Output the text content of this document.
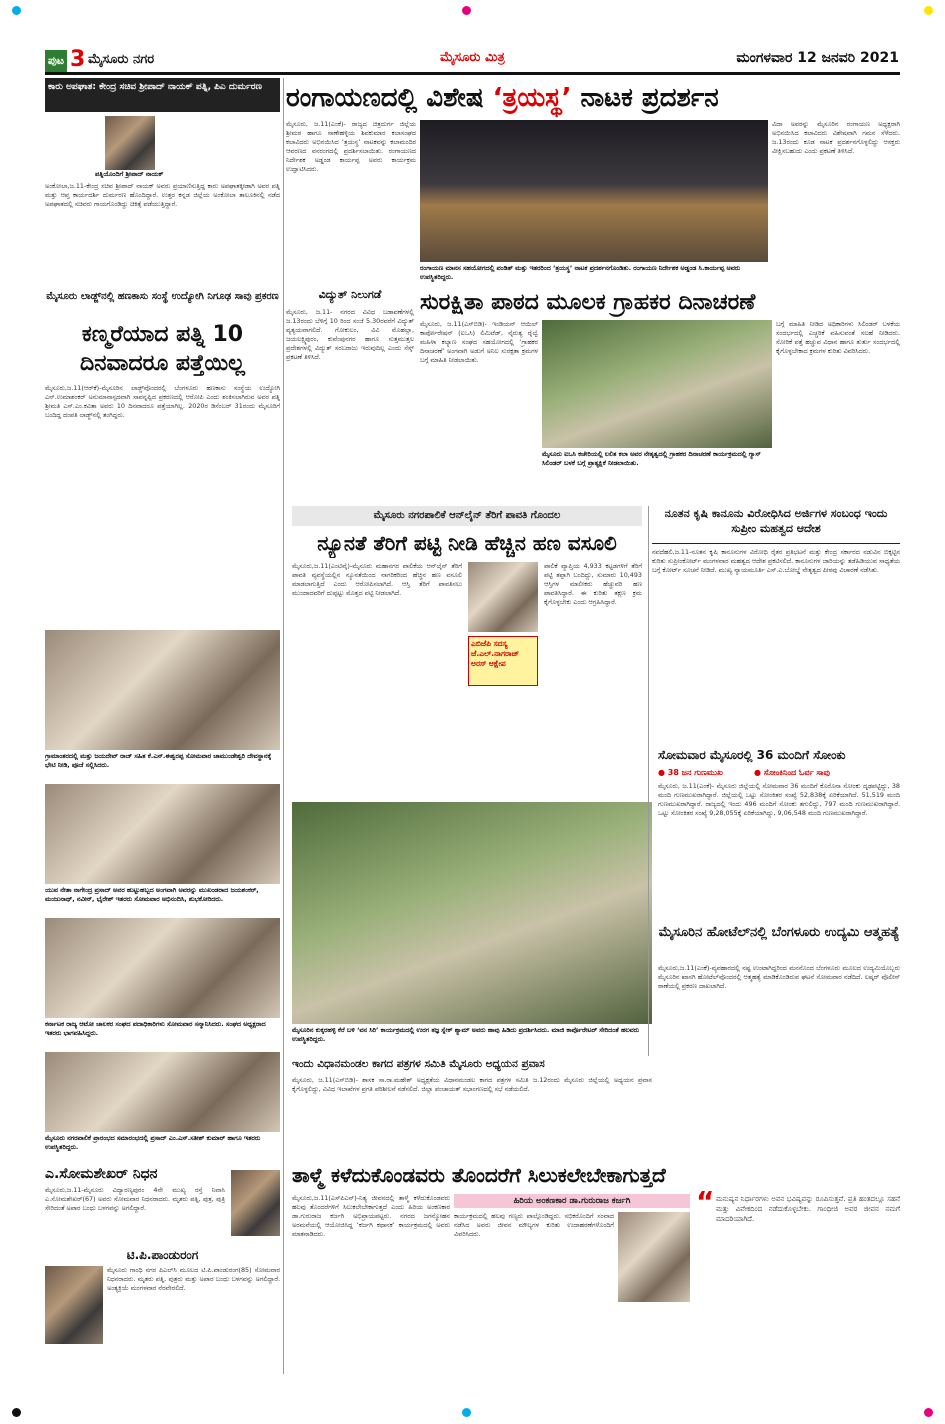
ಪುಟ 3 ಮೈಸೂರು ನಗರ	ಮೈಸೂರು ಮಿತ್ರ	ಮಂಗಳವಾರ 12 ಜನವರಿ 2021
ಕಾರು ಅಪಘಾತ: ಕೇಂದ್ರ ಸಚಿವ ಶ್ರೀಪಾದ್ ನಾಯಕ್ ಪತ್ನಿ, ಪಿಎ ದುರ್ಮರಣ
ಪತ್ನಿಯೊಂದಿಗೆ ಶ್ರೀಪಾದ್ ನಾಯಕ್
ಅಂಕೋಲಾ,ಜ.11-ಕೇಂದ್ರ ಸಚಿವ ಶ್ರೀಪಾದ್ ನಾಯಕ್ ಅವರು ಪ್ರಯಾಣಿಸುತ್ತಿದ್ದ ಕಾರು ಅಪಘಾತಕ್ಕೀಡಾಗಿ ಅವರ ಪತ್ನಿ ಮತ್ತು ಆಪ್ತ ಕಾರ್ಯದರ್ಶಿ ದುರ್ಮರಣ ಹೊಂದಿದ್ದಾರೆ. ಉತ್ತರ ಕನ್ನಡ ಜಿಲ್ಲೆಯ ಅಂಕೋಲಾ ತಾಲೂಕಿನಲ್ಲಿ ನಡೆದ ಅಪಘಾತದಲ್ಲಿ ಸಚಿವರು ಗಾಯಗೊಂಡಿದ್ದು ಚಿಕಿತ್ಸೆ ಪಡೆಯುತ್ತಿದ್ದಾರೆ.
ಮೈಸೂರು ಲಾಡ್ಜ್‌ನಲ್ಲಿ ಹಣಕಾಸು ಸಂಸ್ಥೆ ಉದ್ಯೋಗಿ ನಿಗೂಢ ಸಾವು ಪ್ರಕರಣ
ಕಣ್ಮರೆಯಾದ ಪತ್ನಿ 10 ದಿನವಾದರೂ ಪತ್ತೆಯಿಲ್ಲ
ಮೈಸೂರು,ಜ.11(ಆರ್‌ಕೆ)-ಮೈಸೂರಿನ ಲಾಡ್ಜ್‌ವೊಂದರಲ್ಲಿ ಬೆಂಗಳೂರು ಹಣಕಾಸು ಸಂಸ್ಥೆಯ ಉದ್ಯೋಗಿ ಎನ್.ಉಮಾಶಂಕರ್ ಅನುಮಾನಾಸ್ಪದವಾಗಿ ಸಾವನ್ನಪ್ಪಿದ ಪ್ರಕರಣದಲ್ಲಿ ಆರೋಪಿ ಎಂದು ಶಂಕಿಸಲಾಗಿರುವ ಅವರ ಪತ್ನಿ ಶ್ರೀಮತಿ ಎಸ್.ಎಂ.ಕವಿತಾ ಅವರು 10 ದಿನವಾದರೂ ಪತ್ತೆಯಾಗಿಲ್ಲ. 2020ರ ಡಿಸೆಂಬರ್ 31ರಂದು ಮೈಸೂರಿಗೆ ಬಂದಿದ್ದ ದಂಪತಿ ಲಾಡ್ಜ್‌ನಲ್ಲಿ ತಂಗಿದ್ದರು.
ಗ್ರಾಮಾಂತರದಲ್ಲಿ ಮತ್ತು ಜಯದೇವ್ ರಾಜ್ ಸಹಿತ ಕೆ.ಎಸ್.ಈಶ್ವರಪ್ಪ ಸೋಮವಾರ ಚಾಮುಂಡೇಶ್ವರಿ ದೇವಸ್ಥಾನಕ್ಕೆ ಭೇಟಿ ನೀಡಿ, ಪೂಜೆ ಸಲ್ಲಿಸಿದರು.
ಯುವ ನೇತಾ ನಾಗೇಂದ್ರ ಪ್ರಸಾದ್ ಅವರ ಹುಟ್ಟುಹಬ್ಬದ ಅಂಗವಾಗಿ ಅವರನ್ನು ಮುಖಂಡರಾದ ಜಯಶಂಕರ್, ಮಂಜುನಾಥ್, ನವೀನ್, ಭೈರೇಶ್ ಇತರರು ಸೋಮವಾರ ಅಭಿನಂದಿಸಿ, ಶುಭಕೋರಿದರು.
ಕರ್ನಾಟಕ ರಾಜ್ಯ ಆಟೋ ಚಾಲಕರ ಸಂಘದ ಪದಾಧಿಕಾರಿಗಳು ಸೋಮವಾರ ಸನ್ಮಾನಿಸಿದರು. ಸಂಘದ ಅಧ್ಯಕ್ಷರಾದ ಇತರರು ಭಾಗವಹಿಸಿದ್ದರು.
ಮೈಸೂರು ನಗರಪಾಲಿಕೆ ಪ್ರಾರಂಭದ ಸಮಾರಂಭದಲ್ಲಿ ಪ್ರಸಾದ್ ಎಂ.ಎಸ್.ಸತೀಶ್ ಕುಮಾರ್ ಹಾಗೂ ಇತರರು ಉಪಸ್ಥಿತರಿದ್ದರು.
ಎ.ಸೋಮಶೇಖರ್ ನಿಧನ
ಮೈಸೂರು,ಜ.11-ಮೈಸೂರು ವಿದ್ಯಾರಣ್ಯಪುರಂ 4ನೇ ಮುಖ್ಯ ರಸ್ತೆ ನಿವಾಸಿ ಎ.ಸೋಮಶೇಖರ್(67) ಅವರು ಸೋಮವಾರ ನಿಧನರಾದರು. ಮೃತರು ಪತ್ನಿ, ಪುತ್ರ, ಪುತ್ರಿ ಸೇರಿದಂತೆ ಅಪಾರ ಬಂಧು ಬಳಗವನ್ನು ಅಗಲಿದ್ದಾರೆ.
ಟಿ.ಪಿ.ಪಾಂಡುರಂಗ
ಮೈಸೂರು ಗಾಂಧಿ ನಗರ ಪಿಎಲ್‌ಸಿ ಮೂಲದ ಟಿ.ಪಿ.ಪಾಂಡುರಂಗ(85) ಸೋಮವಾರ ನಿಧನರಾದರು. ಮೃತರು ಪತ್ನಿ, ಪುತ್ರರು ಮತ್ತು ಅಪಾರ ಬಂಧು ಬಳಗವನ್ನು ಅಗಲಿದ್ದಾರೆ. ಅಂತ್ಯಕ್ರಿಯೆ ಮಂಗಳವಾರ ನೆರವೇರಲಿದೆ.
ರಂಗಾಯಣದಲ್ಲಿ ವಿಶೇಷ ‘ತ್ರಯಸ್ಥ’ ನಾಟಕ ಪ್ರದರ್ಶನ
ಮೈಸೂರು, ಜ.11(ಎಂಕೆ)- ರಾಜ್ಯದ ಚಿತ್ರದುರ್ಗ ಜಿಲ್ಲೆಯ ಶ್ರೀಮಠ ಹಾಗೂ ಸಾಣೇಹಳ್ಳಿಯ ಶಿವಕುಮಾರ ಕಲಾಸಂಘದ ಕಲಾವಿದರು ಅಭಿನಯಿಸಿದ ‘ತ್ರಯಸ್ಥ’ ನಾಟಕವನ್ನು ಕಲಾಮಂದಿರ ಆವರಣದ ವನರಂಗದಲ್ಲಿ ಪ್ರದರ್ಶಿಸಲಾಯಿತು. ರಂಗಾಯಣದ ನಿರ್ದೇಶಕ ಅಡ್ಡಂಡ ಕಾರ್ಯಪ್ಪ ಅವರು ಕಾರ್ಯಕ್ರಮ ಉದ್ಘಾಟಿಸಿದರು.
ರಂಗಾಯಣ ಮಾನಸ ಸಹಯೋಗದಲ್ಲಿ ಪಂಡಿತ್ ಮತ್ತು ಇತರರಿಂದ ‘ತ್ರಯಸ್ಥ’ ನಾಟಕ ಪ್ರದರ್ಶನಗೊಂಡಿತು. ರಂಗಾಯಣ ನಿರ್ದೇಶಕ ಅಡ್ಡಂಡ ಸಿ.ಕಾರ್ಯಪ್ಪ ಅವರು ಉಪಸ್ಥಿತರಿದ್ದರು.
ವಿದಾ ಅವರನ್ನು ಮೈಸೂರಿನ ರಂಗಾಯಣ ಅಧ್ಯಕ್ಷರಾಗಿ ಅಭಿನಯಿಸಿದ ಕಲಾವಿದರು ವಿಶೇಷವಾಗಿ ಗಮನ ಸೆಳೆದರು. ಜ.13ರಂದು ಕೂಡ ನಾಟಕ ಪ್ರದರ್ಶನಗೊಳ್ಳಲಿದ್ದು ಆಸಕ್ತರು ವೀಕ್ಷಿಸಬಹುದು ಎಂದು ಪ್ರಕಟಣೆ ತಿಳಿಸಿದೆ.
ವಿದ್ಯುತ್ ನಿಲುಗಡೆ
ಮೈಸೂರು, ಜ.11- ನಗರದ ವಿವಿಧ ಬಡಾವಣೆಗಳಲ್ಲಿ ಜ.13ರಂದು ಬೆಳಿಗ್ಗೆ 10 ರಿಂದ ಸಂಜೆ 5.30ರವರೆಗೆ ವಿದ್ಯುತ್ ವ್ಯತ್ಯಯವಾಗಲಿದೆ. ಗೋಕುಲಂ, ವಿವಿ ಮೊಹಲ್ಲಾ, ಜಯಲಕ್ಷ್ಮಿಪುರಂ, ಕುವೆಂಪುನಗರ ಹಾಗೂ ಸುತ್ತಮುತ್ತಲ ಪ್ರದೇಶಗಳಲ್ಲಿ ವಿದ್ಯುತ್ ಸರಬರಾಜು ಇರುವುದಿಲ್ಲ ಎಂದು ಸೆಸ್ಕ್ ಪ್ರಕಟಣೆ ತಿಳಿಸಿದೆ.
ಸುರಕ್ಷಿತಾ ಪಾಠದ ಮೂಲಕ ಗ್ರಾಹಕರ ದಿನಾಚರಣೆ
ಮೈಸೂರು, ಜ.11(ಎಸ್‌ಬಿಡಿ)- ಇಂಡಿಯನ್ ಆಯಿಲ್ ಕಾರ್ಪೋರೇಷನ್ (ಐಒಸಿ) ಲಿಮಿಟೆಡ್, ನೈರುತ್ಯ ರೈಲ್ವೆ ಮಹಿಳಾ ಕಲ್ಯಾಣ ಸಂಘದ ಸಹಯೋಗದಲ್ಲಿ ‘ಗ್ರಾಹಕರ ದಿನಾಚರಣೆ’ ಅಂಗವಾಗಿ ಅಡುಗೆ ಅನಿಲ ಸುರಕ್ಷತಾ ಕ್ರಮಗಳ ಬಗ್ಗೆ ಮಾಹಿತಿ ನೀಡಲಾಯಿತು.
ಮೈಸೂರು ಐಒಸಿ ಕಚೇರಿಯಲ್ಲಿ ಲಲಿತ ಕಲಾ ಅವರ ನೇತೃತ್ವದಲ್ಲಿ ಗ್ರಾಹಕರ ದಿನಾಚರಣೆ ಕಾರ್ಯಕ್ರಮದಲ್ಲಿ ಗ್ಯಾಸ್ ಸಿಲಿಂಡರ್ ಬಳಕೆ ಬಗ್ಗೆ ಪ್ರಾತ್ಯಕ್ಷಿಕೆ ನೀಡಲಾಯಿತು.
ಬಗ್ಗೆ ಮಾಹಿತಿ ನೀಡಿದ ಅಧಿಕಾರಿಗಳು ಸಿಲಿಂಡರ್ ಬಳಕೆಯ ಸಂದರ್ಭದಲ್ಲಿ ಎಚ್ಚರಿಕೆ ವಹಿಸುವಂತೆ ಸಲಹೆ ನೀಡಿದರು. ಸೋರಿಕೆ ಪತ್ತೆ ಹಚ್ಚುವ ವಿಧಾನ ಹಾಗೂ ತುರ್ತು ಸಂದರ್ಭದಲ್ಲಿ ಕೈಗೊಳ್ಳಬೇಕಾದ ಕ್ರಮಗಳ ಕುರಿತು ವಿವರಿಸಿದರು.
ಮೈಸೂರು ನಗರಪಾಲಿಕೆ ಆನ್‌ಲೈನ್ ತೆರಿಗೆ ಪಾವತಿ ಗೊಂದಲ
ನ್ಯೂನತೆ ತೆರಿಗೆ ಪಟ್ಟಿ ನೀಡಿ ಹೆಚ್ಚಿನ ಹಣ ವಸೂಲಿ
ಮೈಸೂರು,ಜ.11(ಎಂಟಿವೈ)-ಮೈಸೂರು ಮಹಾನಗರ ಪಾಲಿಕೆಯ ಆನ್‌ಲೈನ್ ತೆರಿಗೆ ಪಾವತಿ ವ್ಯವಸ್ಥೆಯಲ್ಲಿನ ನ್ಯೂನತೆಯಿಂದ ನಾಗರಿಕರಿಂದ ಹೆಚ್ಚಿನ ಹಣ ವಸೂಲಿ ಮಾಡಲಾಗುತ್ತಿದೆ ಎಂದು ಆರೋಪಿಸಲಾಗಿದೆ. ಆಸ್ತಿ ತೆರಿಗೆ ಪಾವತಿಸಲು ಮುಂದಾದವರಿಗೆ ದುಪ್ಪಟ್ಟು ಮೊತ್ತದ ಪಟ್ಟಿ ನೀಡಲಾಗಿದೆ.
ಎಬಿಜೆಪಿ ಸದಸ್ಯ ಜೆ.ಎಲ್.ನಾಗರಾಜ್ ಅರಸ್ ಆಕ್ಷೇಪ
ಪಾಲಿಕೆ ವ್ಯಾಪ್ತಿಯ 4,933 ಕಟ್ಟಡಗಳಿಗೆ ತೆರಿಗೆ ಪಟ್ಟಿ ತಪ್ಪಾಗಿ ಬಂದಿದ್ದು, ಸುಮಾರು 10,493 ಆಸ್ತಿಗಳ ಮಾಲೀಕರು ಹೆಚ್ಚುವರಿ ಹಣ ಪಾವತಿಸಿದ್ದಾರೆ. ಈ ಕುರಿತು ತಕ್ಷಣ ಕ್ರಮ ಕೈಗೊಳ್ಳಬೇಕು ಎಂದು ಆಗ್ರಹಿಸಿದ್ದಾರೆ.
ಮೈಸೂರಿನ ಕುಕ್ಕರಹಳ್ಳಿ ಕೆರೆ ಬಳಿ ‘ವನ ಸಿರಿ’ ಕಾರ್ಯಕ್ರಮದಲ್ಲಿ ಉರಗ ತಜ್ಞ ಸ್ನೇಕ್ ಶ್ಯಾಮ್ ಅವರು ಹಾವು ಹಿಡಿದು ಪ್ರದರ್ಶಿಸಿದರು. ಮಾಜಿ ಕಾರ್ಪೊರೇಟರ್ ಸೇರಿದಂತೆ ಹಲವರು ಉಪಸ್ಥಿತರಿದ್ದರು.
ನೂತನ ಕೃಷಿ ಕಾನೂನು ವಿರೋಧಿಸಿದ ಅರ್ಜಿಗಳ ಸಂಬಂಧ ಇಂದು ಸುಪ್ರೀಂ ಮಹತ್ವದ ಆದೇಶ
ನವದೆಹಲಿ,ಜ.11-ನೂತನ ಕೃಷಿ ಕಾನೂನುಗಳ ವಿರೋಧಿ ರೈತರ ಪ್ರತಿಭಟನೆ ಮತ್ತು ಕೇಂದ್ರ ಸರ್ಕಾರದ ನಡುವಿನ ಬಿಕ್ಕಟ್ಟಿನ ಕುರಿತು ಸುಪ್ರೀಂಕೋರ್ಟ್ ಮಂಗಳವಾರ ಮಹತ್ವದ ಆದೇಶ ಪ್ರಕಟಿಸಲಿದೆ. ಕಾನೂನುಗಳ ಜಾರಿಯನ್ನು ತಡೆಹಿಡಿಯುವ ಸಾಧ್ಯತೆಯ ಬಗ್ಗೆ ಕೋರ್ಟ್ ಸೂಚನೆ ನೀಡಿದೆ. ಮುಖ್ಯ ನ್ಯಾಯಮೂರ್ತಿ ಎಸ್.ಎ.ಬೋಬ್ಡೆ ನೇತೃತ್ವದ ಪೀಠವು ವಿಚಾರಣೆ ನಡೆಸಿತು.
ಸೋಮವಾರ ಮೈಸೂರಲ್ಲಿ 36 ಮಂದಿಗೆ ಸೋಂಕು
● 38 ಜನ ಗುಣಮುಖ	● ಸೋಂಕಿನಿಂದ ಓರ್ವ ಸಾವು
ಮೈಸೂರು, ಜ.11(ಎಂಕೆ)- ಮೈಸೂರು ಜಿಲ್ಲೆಯಲ್ಲಿ ಸೋಮವಾರ 36 ಮಂದಿಗೆ ಕೊರೊನಾ ಸೋಂಕು ದೃಢಪಟ್ಟಿದ್ದು, 38 ಮಂದಿ ಗುಣಮುಖರಾಗಿದ್ದಾರೆ. ಜಿಲ್ಲೆಯಲ್ಲಿ ಒಟ್ಟು ಸೋಂಕಿತರ ಸಂಖ್ಯೆ 52,838ಕ್ಕೆ ಏರಿಕೆಯಾಗಿದೆ. 51,519 ಮಂದಿ ಗುಣಮುಖರಾಗಿದ್ದಾರೆ. ರಾಜ್ಯದಲ್ಲಿ ಇಂದು 496 ಮಂದಿಗೆ ಸೋಂಕು ತಗುಲಿದ್ದು, 797 ಮಂದಿ ಗುಣಮುಖರಾಗಿದ್ದಾರೆ. ಒಟ್ಟು ಸೋಂಕಿತರ ಸಂಖ್ಯೆ 9,28,055ಕ್ಕೆ ಏರಿಕೆಯಾಗಿದ್ದು, 9,06,548 ಮಂದಿ ಗುಣಮುಖರಾಗಿದ್ದಾರೆ.
ಮೈಸೂರಿನ ಹೋಟೆಲ್‌ನಲ್ಲಿ ಬೆಂಗಳೂರು ಉದ್ಯಮಿ ಆತ್ಮಹತ್ಯೆ
ಮೈಸೂರು,ಜ.11(ಎಂಕೆ)-ವ್ಯವಹಾರದಲ್ಲಿ ನಷ್ಟ ಉಂಟಾಗಿದ್ದರಿಂದ ಮನನೊಂದ ಬೆಂಗಳೂರು ಮೂಲದ ಉದ್ಯಮಿಯೊಬ್ಬರು ಮೈಸೂರಿನ ಖಾಸಗಿ ಹೋಟೆಲ್‌ವೊಂದರಲ್ಲಿ ಆತ್ಮಹತ್ಯೆ ಮಾಡಿಕೊಂಡಿರುವ ಘಟನೆ ಸೋಮವಾರ ನಡೆದಿದೆ. ಲಷ್ಕರ್ ಪೊಲೀಸ್ ಠಾಣೆಯಲ್ಲಿ ಪ್ರಕರಣ ದಾಖಲಾಗಿದೆ.
ಇಂದು ವಿಧಾನಮಂಡಲ ಕಾಗದ ಪತ್ರಗಳ ಸಮಿತಿ ಮೈಸೂರು ಅಧ್ಯಯನ ಪ್ರವಾಸ
ಮೈಸೂರು, ಜ.11(ಎಸ್‌ಬಿಡಿ)- ಶಾಸಕ ಸಾ.ರಾ.ಮಹೇಶ್ ಅಧ್ಯಕ್ಷತೆಯ ವಿಧಾನಮಂಡಲ ಕಾಗದ ಪತ್ರಗಳ ಸಮಿತಿ ಜ.12ರಂದು ಮೈಸೂರು ಜಿಲ್ಲೆಯಲ್ಲಿ ಅಧ್ಯಯನ ಪ್ರವಾಸ ಕೈಗೊಳ್ಳಲಿದ್ದು, ವಿವಿಧ ಇಲಾಖೆಗಳ ಪ್ರಗತಿ ಪರಿಶೀಲನೆ ನಡೆಸಲಿದೆ. ಜಿಲ್ಲಾ ಪಂಚಾಯತ್ ಸಭಾಂಗಣದಲ್ಲಿ ಸಭೆ ನಡೆಯಲಿದೆ.
ತಾಳ್ಮೆ ಕಳೆದುಕೊಂಡವರು ತೊಂದರೆಗೆ ಸಿಲುಕಲೇಬೇಕಾಗುತ್ತದೆ
ಮೈಸೂರು,ಜ.11(ಎಸ್‌ಪಿಎನ್)-ನಿತ್ಯ ಜೀವನದಲ್ಲಿ ತಾಳ್ಮೆ ಕಳೆದುಕೊಂಡವರು ಹಲವು ತೊಂದರೆಗಳಿಗೆ ಸಿಲುಕಲೇಬೇಕಾಗುತ್ತದೆ ಎಂದು ಹಿರಿಯ ಅಂಕಣಕಾರ ಡಾ.ಗುರುರಾಜ ಕರ್ಜಗಿ ಅಭಿಪ್ರಾಯಪಟ್ಟರು. ನಗರದ ಜಗನ್ಮೋಹನ ಅರಮನೆಯಲ್ಲಿ ಆಯೋಜಿಸಿದ್ದ ‘ಕರ್ಜಗಿ ಕಥಾನಕ’ ಕಾರ್ಯಕ್ರಮದಲ್ಲಿ ಅವರು ಮಾತನಾಡಿದರು.
ಹಿರಿಯ ಅಂಕಣಕಾರ ಡಾ.ಗುರುರಾಜ ಕರ್ಜಗಿ
ಕಾರ್ಯಕ್ರಮದಲ್ಲಿ ಹಲವು ಗಣ್ಯರು ಪಾಲ್ಗೊಂಡಿದ್ದರು. ಸಭಿಕರೊಂದಿಗೆ ಸಂವಾದ ನಡೆಸಿದ ಅವರು ಜೀವನ ಮೌಲ್ಯಗಳ ಕುರಿತು ಉದಾಹರಣೆಗಳೊಂದಿಗೆ ವಿವರಿಸಿದರು.
“ ಮನುಷ್ಯನ ನಿರ್ಧಾರಗಳು ಅವನ ಭವಿಷ್ಯವನ್ನು ರೂಪಿಸುತ್ತವೆ. ಪ್ರತಿ ಹಂತದಲ್ಲೂ ಸಹನೆ ಮತ್ತು ವಿವೇಕದಿಂದ ನಡೆದುಕೊಳ್ಳಬೇಕು. ಗಾಂಧೀಜಿ ಅವರ ಜೀವನ ನಮಗೆ ಮಾದರಿಯಾಗಿದೆ.
